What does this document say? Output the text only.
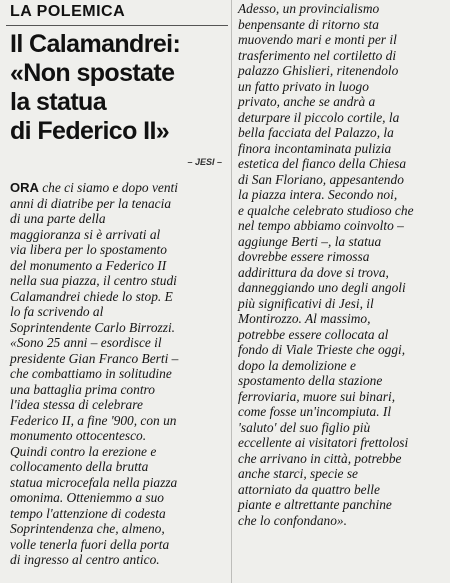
LA POLEMICA
Il Calamandrei:
«Non spostate
la statua
di Federico II»
– JESI –
ORA che ci siamo e dopo venti
anni di diatribe per la tenacia
di una parte della
maggioranza si è arrivati al
via libera per lo spostamento
del monumento a Federico II
nella sua piazza, il centro studi
Calamandrei chiede lo stop. E
lo fa scrivendo al
Soprintendente Carlo Birrozzi.
«Sono 25 anni – esordisce il
presidente Gian Franco Berti –
che combattiamo in solitudine
una battaglia prima contro
l'idea stessa di celebrare
Federico II, a fine '900, con un
monumento ottocentesco.
Quindi contro la erezione e
collocamento della brutta
statua microcefala nella piazza
omonima. Otteniemmo a suo
tempo l'attenzione di codesta
Soprintendenza che, almeno,
volle tenerla fuori della porta
di ingresso al centro antico.
Adesso, un provincialismo
benpensante di ritorno sta
muovendo mari e monti per il
trasferimento nel cortiletto di
palazzo Ghislieri, ritenendolo
un fatto privato in luogo
privato, anche se andrà a
deturpare il piccolo cortile, la
bella facciata del Palazzo, la
finora incontaminata pulizia
estetica del fianco della Chiesa
di San Floriano, appesantendo
la piazza intera. Secondo noi,
e qualche celebrato studioso che
nel tempo abbiamo coinvolto –
aggiunge Berti –, la statua
dovrebbe essere rimossa
addirittura da dove si trova,
danneggiando uno degli angoli
più significativi di Jesi, il
Montirozzo. Al massimo,
potrebbe essere collocata al
fondo di Viale Trieste che oggi,
dopo la demolizione e
spostamento della stazione
ferroviaria, muore sui binari,
come fosse un'incompiuta. Il
'saluto' del suo figlio più
eccellente ai visitatori frettolosi
che arrivano in città, potrebbe
anche starci, specie se
attorniato da quattro belle
piante e altrettante panchine
che lo confondano».
